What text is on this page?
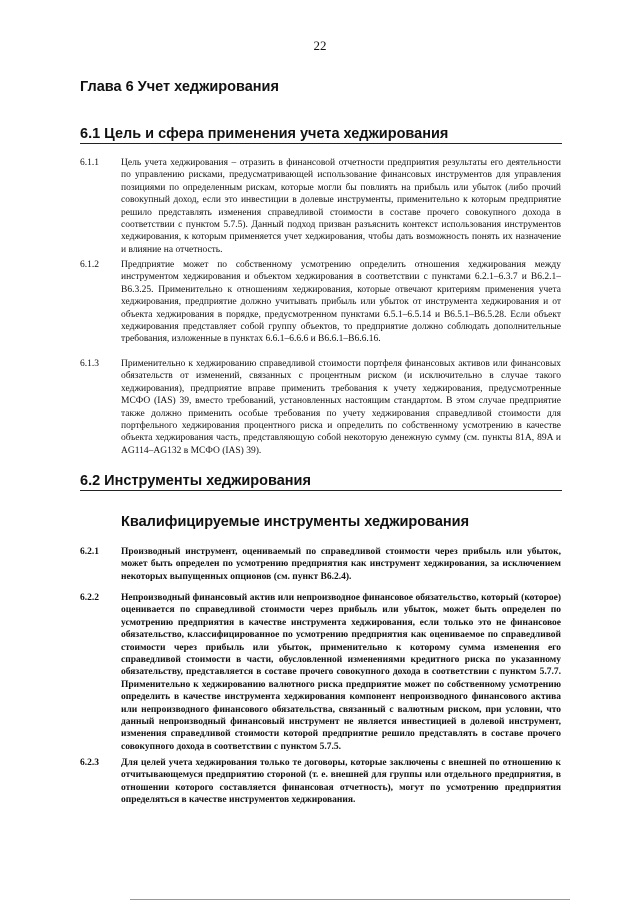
22
Глава 6 Учет хеджирования
6.1 Цель и сфера применения учета хеджирования
6.1.1 Цель учета хеджирования – отразить в финансовой отчетности предприятия результаты его деятельности по управлению рисками, предусматривающей использование финансовых инструментов для управления позициями по определенным рискам, которые могли бы повлиять на прибыль или убыток (либо прочий совокупный доход, если это инвестиции в долевые инструменты, применительно к которым предприятие решило представлять изменения справедливой стоимости в составе прочего совокупного дохода в соответствии с пунктом 5.7.5). Данный подход призван разъяснить контекст использования инструментов хеджирования, к которым применяется учет хеджирования, чтобы дать возможность понять их назначение и влияние на отчетность.

6.1.2 Предприятие может по собственному усмотрению определить отношения хеджирования между инструментом хеджирования и объектом хеджирования в соответствии с пунктами 6.2.1–6.3.7 и B6.2.1–B6.3.25. Применительно к отношениям хеджирования, которые отвечают критериям применения учета хеджирования, предприятие должно учитывать прибыль или убыток от инструмента хеджирования и от объекта хеджирования в порядке, предусмотренном пунктами 6.5.1–6.5.14 и B6.5.1–B6.5.28. Если объект хеджирования представляет собой группу объектов, то предприятие должно соблюдать дополнительные требования, изложенные в пунктах 6.6.1–6.6.6 и B6.6.1–B6.6.16.

6.1.3 Применительно к хеджированию справедливой стоимости портфеля финансовых активов или финансовых обязательств от изменений, связанных с процентным риском (и исключительно в случае такого хеджирования), предприятие вправе применить требования к учету хеджирования, предусмотренные МСФО (IAS) 39, вместо требований, установленных настоящим стандартом. В этом случае предприятие также должно применить особые требования по учету хеджирования справедливой стоимости для портфельного хеджирования процентного риска и определить по собственному усмотрению в качестве объекта хеджирования часть, представляющую собой некоторую денежную сумму (см. пункты 81A, 89A и AG114–AG132 в МСФО (IAS) 39).

6.2 Инструменты хеджирования
Квалифицируемые инструменты хеджирования
6.2.1 Производный инструмент, оцениваемый по справедливой стоимости через прибыль или убыток, может быть определен по усмотрению предприятия как инструмент хеджирования, за исключением некоторых выпущенных опционов (см. пункт B6.2.4).

6.2.2 Непроизводный финансовый актив или непроизводное финансовое обязательство, который (которое) оценивается по справедливой стоимости через прибыль или убыток, может быть определен по усмотрению предприятия в качестве инструмента хеджирования, если только это не финансовое обязательство, классифицированное по усмотрению предприятия как оцениваемое по справедливой стоимости через прибыль или убыток, применительно к которому сумма изменения его справедливой стоимости в части, обусловленной изменениями кредитного риска по указанному обязательству, представляется в составе прочего совокупного дохода в соответствии с пунктом 5.7.7. Применительно к хеджированию валютного риска предприятие может по собственному усмотрению определить в качестве инструмента хеджирования компонент непроизводного финансового актива или непроизводного финансового обязательства, связанный с валютным риском, при условии, что данный непроизводный финансовый инструмент не является инвестицией в долевой инструмент, изменения справедливой стоимости которой предприятие решило представлять в составе прочего совокупного дохода в соответствии с пунктом 5.7.5.

6.2.3 Для целей учета хеджирования только те договоры, которые заключены с внешней по отношению к отчитывающемуся предприятию стороной (т. е. внешней для группы или отдельного предприятия, в отношении которого составляется финансовая отчетность), могут по усмотрению предприятия определяться в качестве инструментов хеджирования.
